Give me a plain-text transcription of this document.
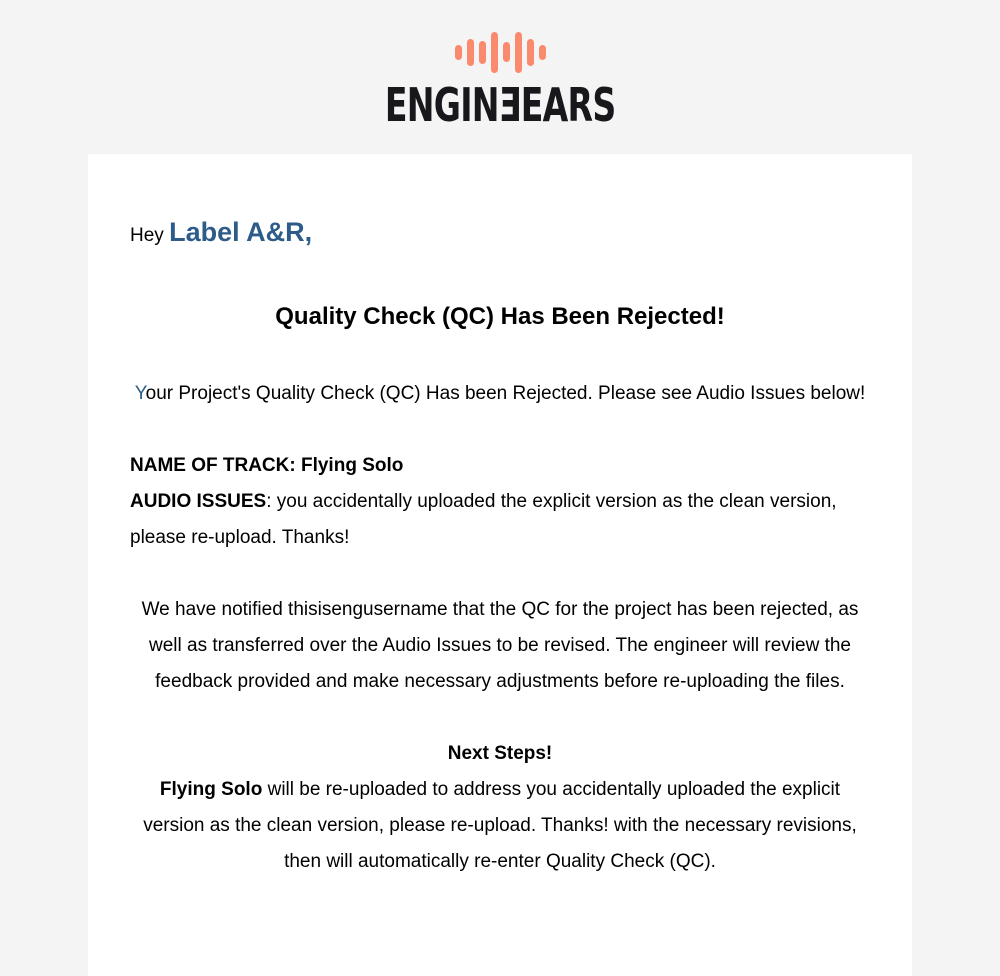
ENGINƎEARS

Hey Label A&R,

Quality Check (QC) Has Been Rejected!

Your Project's Quality Check (QC) Has been Rejected. Please see Audio Issues below!

NAME OF TRACK: Flying Solo
AUDIO ISSUES: you accidentally uploaded the explicit version as the clean version, please re-upload. Thanks!

We have notified thisisengusername that the QC for the project has been rejected, as well as transferred over the Audio Issues to be revised. The engineer will review the feedback provided and make necessary adjustments before re-uploading the files.

Next Steps!
Flying Solo will be re-uploaded to address you accidentally uploaded the explicit version as the clean version, please re-upload. Thanks! with the necessary revisions, then will automatically re-enter Quality Check (QC).
